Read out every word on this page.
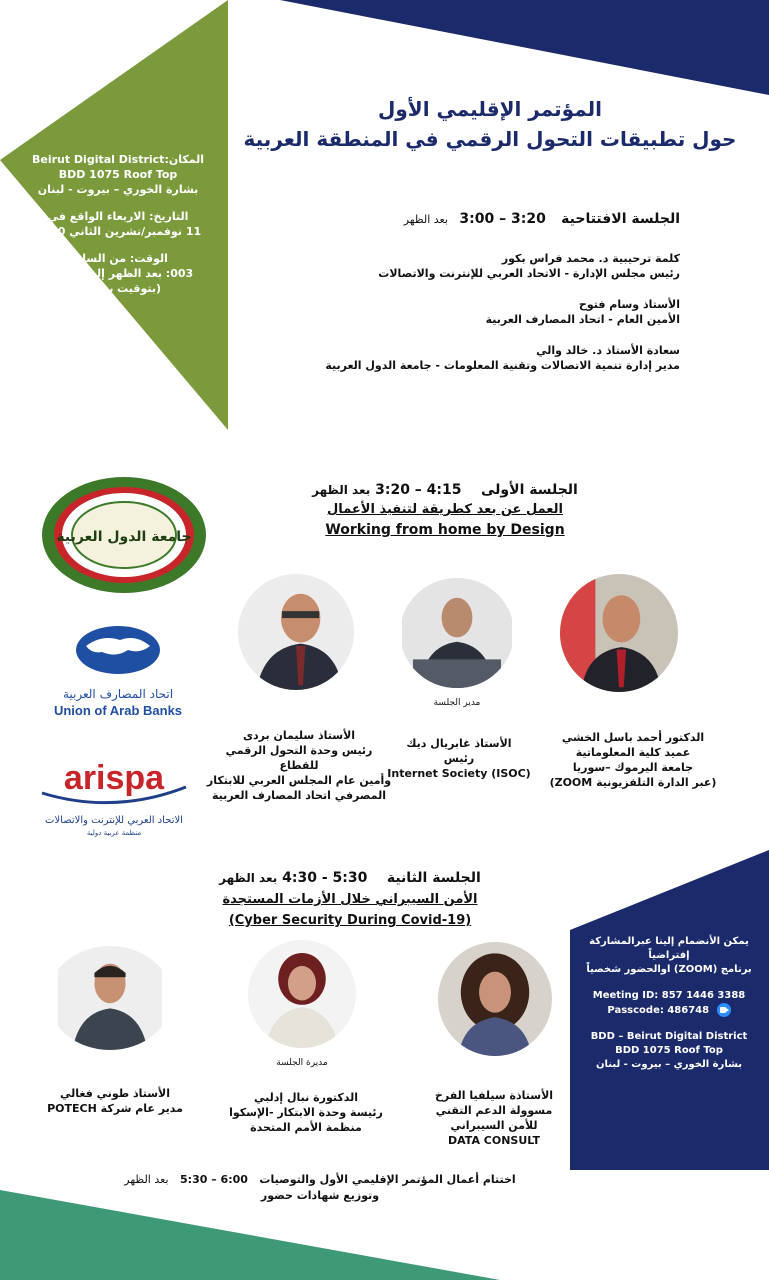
المكان:Beirut Digital District
BDD 1075 Roof Top
بشارة الخوري – بيروت - لبنان
التاريخ: الاربعاء الواقع في
11 نوفمبر/تشرين الثاني 2020
الوقت: من الساعة
003: بعد الظهر إلى 6 مساءً
(بتوقيت بيروت)
المؤتمر الإقليمي الأول
حول تطبيقات التحول الرقمي في المنطقة العربية
الجلسة الافتتاحية    3:00 – 3:20   بعد الظهر
كلمة ترحيبية د. محمد فراس بكور
رئيس مجلس الإدارة - الاتحاد العربي للإنترنت والاتصالات
الأستاذ وسام فتوح
الأمين العام - اتحاد المصارف العربية
سعادة الأستاذ د. خالد والي
مدير إدارة تنمية الاتصالات وتقنية المعلومات - جامعة الدول العربية
الجلسة الأولى    3:20 – 4:15 بعد الظهر
العمل عن بعد كطريقة لتنفيذ الأعمال
Working from home by Design
جامعة الدول العربية
اتحاد المصارف العربية
Union of Arab Banks
arispa
الاتحاد العربي للإنترنت والاتصالات
منظمة عربية دولية
مدير الجلسة
الدكتور أحمد باسل الخشي
عميد كلية المعلوماتية
جامعة اليرموك –سوريا
(عبر الدارة التلفزيونية ZOOM)
الأستاذ غابريال ديك
رئيس
Internet Society (ISOC)
الأستاذ سليمان بردى
رئيس وحدة التحول الرقمي للقطاع
وأمين عام المجلس العربي للابتكار
المصرفي اتحاد المصارف العربية
الجلسة الثانية    4:30 - 5:30 بعد الظهر
الأمن السيبراني خلال الأزمات المستجدة
(Cyber Security During Covid-19)
مديرة الجلسة
الأستاذة سيلفيا الفرخ
مسوولة الدعم التقني
للأمن السيبراني
DATA CONSULT
الدكتورة نبال إدلبي
رئيسة وحدة الابتكار -الإسكوا
منظمة الأمم المتحدة
الأستاذ طوني فغالي
مدير عام شركة POTECH
اختتام أعمال المؤتمر الإقليمي الأول والتوصيات   5:30 – 6:00   بعد الظهر
وتوزيع شهادات حضور
يمكن الأنضمام إلينا عبرالمشاركة إفتراضياً
برنامج (ZOOM) اوالحضور شخصياً
Meeting ID: 857 1446 3388
Passcode: 486748
BDD – Beirut Digital District
BDD 1075 Roof Top
بشارة الخوري – بيروت - لبنان
